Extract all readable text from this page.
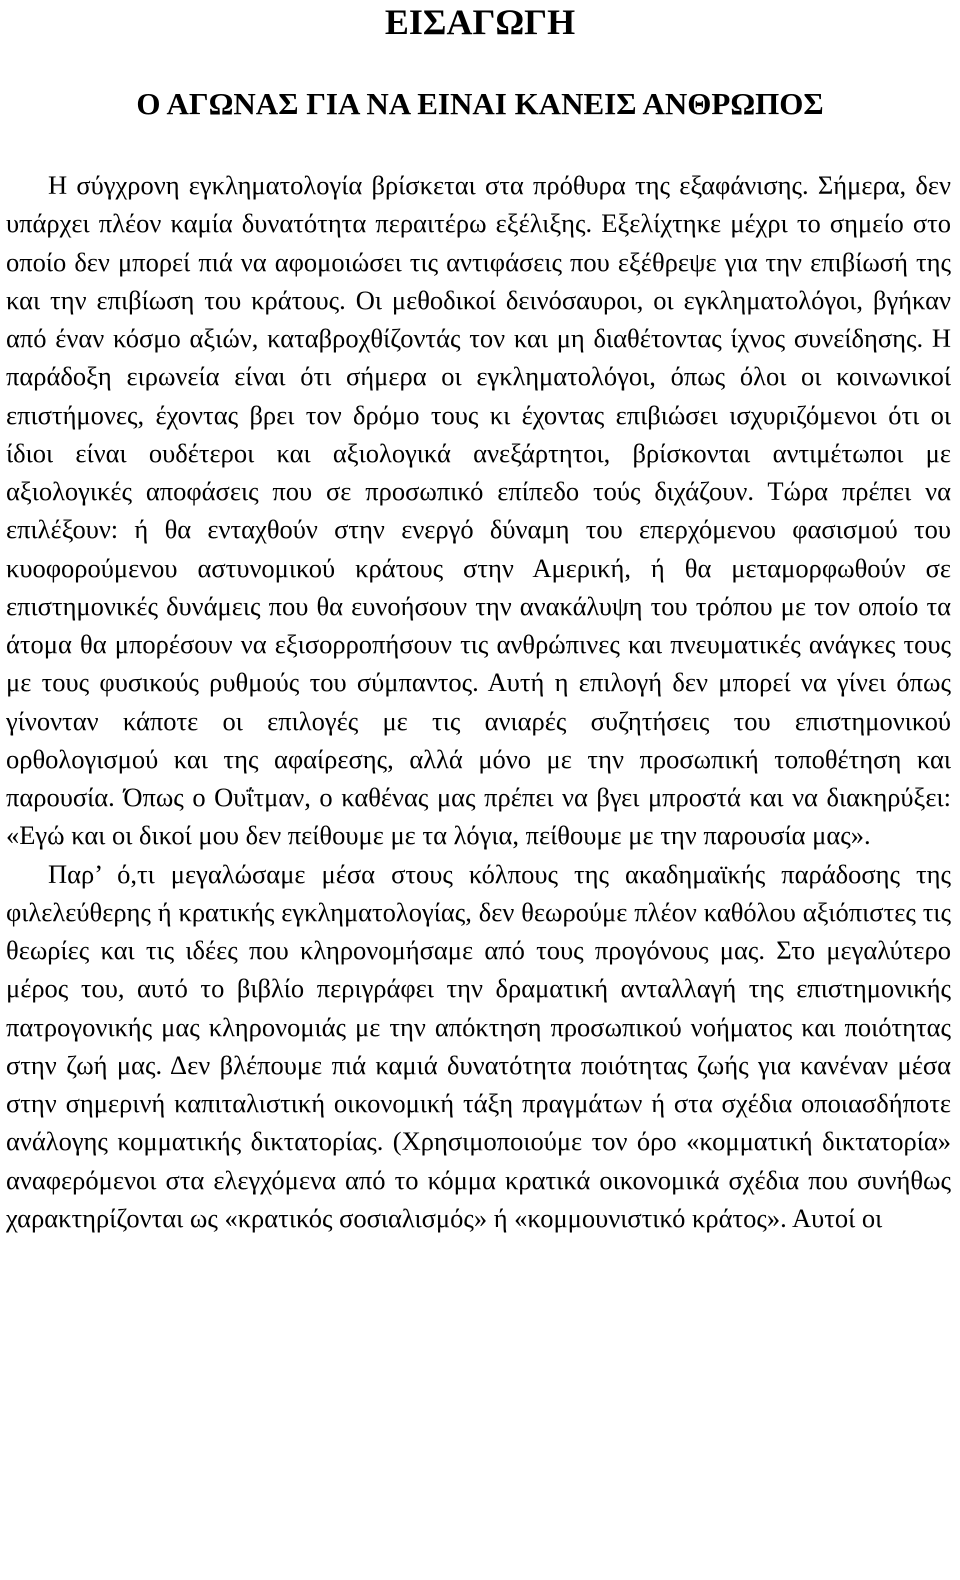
ΕΙΣΑΓΩΓΗ
Ο ΑΓΩΝΑΣ ΓΙΑ ΝΑ ΕΙΝΑΙ ΚΑΝΕΙΣ ΑΝΘΡΩΠΟΣ

Η σύγχρονη εγκληματολογία βρίσκεται στα πρόθυρα της εξαφάνισης. Σήμερα, δεν υπάρχει πλέον καμία δυνατότητα περαιτέρω εξέλιξης. Εξελίχτηκε μέχρι το σημείο στο οποίο δεν μπορεί πιά να αφομοιώσει τις αντιφάσεις που εξέθρεψε για την επιβίωσή της και την επιβίωση του κράτους. Οι μεθοδικοί δεινόσαυροι, οι εγκληματολόγοι, βγήκαν από έναν κόσμο αξιών, καταβροχθίζοντάς τον και μη διαθέτοντας ίχνος συνείδησης. Η παράδοξη ειρωνεία είναι ότι σήμερα οι εγκληματολόγοι, όπως όλοι οι κοινωνικοί επιστήμονες, έχοντας βρει τον δρόμο τους κι έχοντας επιβιώσει ισχυριζόμενοι ότι οι ίδιοι είναι ουδέτεροι και αξιολογικά ανεξάρτητοι, βρίσκονται αντιμέτωποι με αξιολογικές αποφάσεις που σε προσωπικό επίπεδο τούς διχάζουν. Τώρα πρέπει να επιλέξουν: ή θα ενταχθούν στην ενεργό δύναμη του επερχόμενου φασισμού του κυοφορούμενου αστυνομικού κράτους στην Αμερική, ή θα μεταμορφωθούν σε επιστημονικές δυνάμεις που θα ευνοήσουν την ανακάλυψη του τρόπου με τον οποίο τα άτομα θα μπορέσουν να εξισορροπήσουν τις ανθρώπινες και πνευματικές ανάγκες τους με τους φυσικούς ρυθμούς του σύμπαντος. Αυτή η επιλογή δεν μπορεί να γίνει όπως γίνονταν κάποτε οι επιλογές με τις ανιαρές συζητήσεις του επιστημονικού ορθολογισμού και της αφαίρεσης, αλλά μόνο με την προσωπική τοποθέτηση και παρουσία. Όπως ο Ουΐτμαν, ο καθένας μας πρέπει να βγει μπροστά και να διακηρύξει: «Εγώ και οι δικοί μου δεν πείθουμε με τα λόγια, πείθουμε με την παρουσία μας».

Παρ’ ό,τι μεγαλώσαμε μέσα στους κόλπους της ακαδημαϊκής παράδοσης της φιλελεύθερης ή κρατικής εγκληματολογίας, δεν θεωρούμε πλέον καθόλου αξιόπιστες τις θεωρίες και τις ιδέες που κληρονομήσαμε από τους προγόνους μας. Στο μεγαλύτερο μέρος του, αυτό το βιβλίο περιγράφει την δραματική ανταλλαγή της επιστημονικής πατρογονικής μας κληρονομιάς με την απόκτηση προσωπικού νοήματος και ποιότητας στην ζωή μας. Δεν βλέπουμε πιά καμιά δυνατότητα ποιότητας ζωής για κανέναν μέσα στην σημερινή καπιταλιστική οικονομική τάξη πραγμάτων ή στα σχέδια οποιασδήποτε ανάλογης κομματικής δικτατορίας. (Χρησιμοποιούμε τον όρο «κομματική δικτατορία» αναφερόμενοι στα ελεγχόμενα από το κόμμα κρατικά οικονομικά σχέδια που συνήθως χαρακτηρίζονται ως «κρατικός σοσιαλισμός» ή «κομμουνιστικό κράτος». Αυτοί οι
